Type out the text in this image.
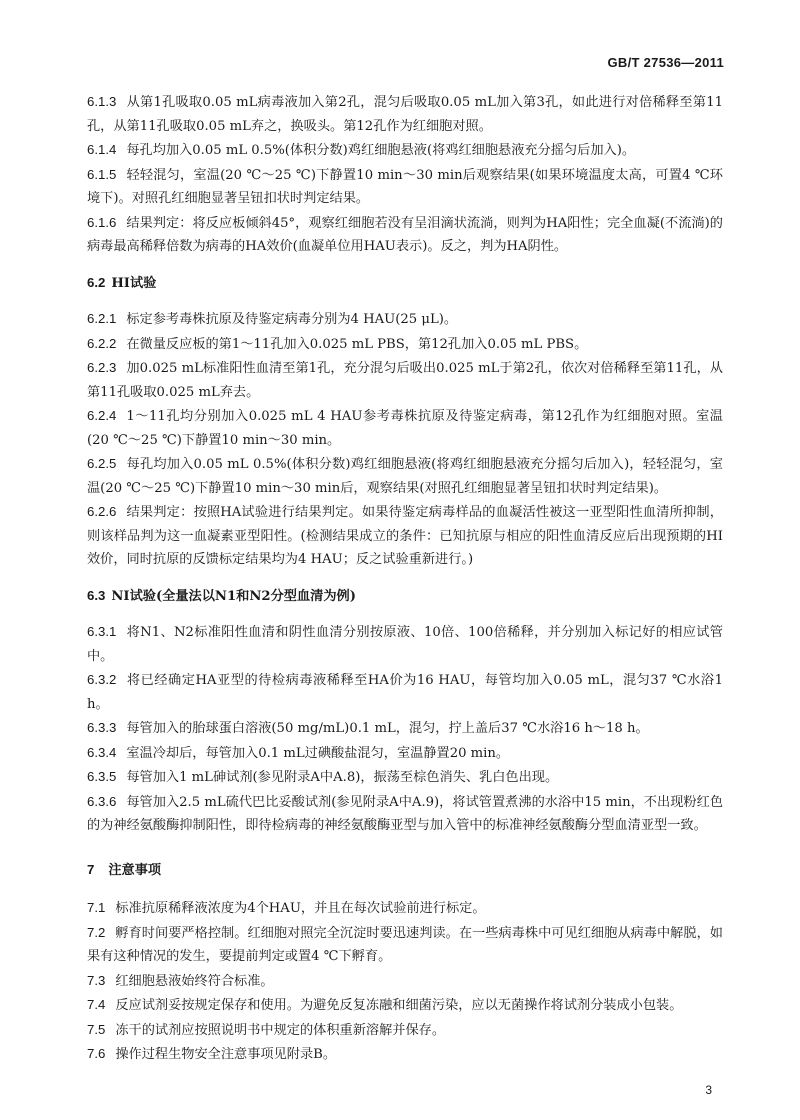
GB/T 27536—2011

6.1.3 从第1孔吸取0.05 mL病毒液加入第2孔，混匀后吸取0.05 mL加入第3孔，如此进行对倍稀释至第11孔，从第11孔吸取0.05 mL弃之，换吸头。第12孔作为红细胞对照。

6.1.4 每孔均加入0.05 mL 0.5%(体积分数)鸡红细胞悬液(将鸡红细胞悬液充分摇匀后加入)。

6.1.5 轻轻混匀，室温(20 ℃～25 ℃)下静置10 min～30 min后观察结果(如果环境温度太高，可置4 ℃环境下)。对照孔红细胞显著呈钮扣状时判定结果。

6.1.6 结果判定：将反应板倾斜45°，观察红细胞若没有呈泪滴状流淌，则判为HA阳性；完全血凝(不流淌)的病毒最高稀释倍数为病毒的HA效价(血凝单位用HAU表示)。反之，判为HA阴性。

6.2 HI试验

6.2.1 标定参考毒株抗原及待鉴定病毒分别为4 HAU(25 μL)。

6.2.2 在微量反应板的第1～11孔加入0.025 mL PBS，第12孔加入0.05 mL PBS。

6.2.3 加0.025 mL标准阳性血清至第1孔，充分混匀后吸出0.025 mL于第2孔，依次对倍稀释至第11孔，从第11孔吸取0.025 mL弃去。

6.2.4 1～11孔均分别加入0.025 mL 4 HAU参考毒株抗原及待鉴定病毒，第12孔作为红细胞对照。室温(20 ℃～25 ℃)下静置10 min～30 min。

6.2.5 每孔均加入0.05 mL 0.5%(体积分数)鸡红细胞悬液(将鸡红细胞悬液充分摇匀后加入)，轻轻混匀，室温(20 ℃～25 ℃)下静置10 min～30 min后，观察结果(对照孔红细胞显著呈钮扣状时判定结果)。

6.2.6 结果判定：按照HA试验进行结果判定。如果待鉴定病毒样品的血凝活性被这一亚型阳性血清所抑制，则该样品判为这一血凝素亚型阳性。(检测结果成立的条件：已知抗原与相应的阳性血清反应后出现预期的HI效价，同时抗原的反馈标定结果均为4 HAU；反之试验重新进行。)

6.3 NI试验(全量法以N1和N2分型血清为例)

6.3.1 将N1、N2标准阳性血清和阴性血清分别按原液、10倍、100倍稀释，并分别加入标记好的相应试管中。

6.3.2 将已经确定HA亚型的待检病毒液稀释至HA价为16 HAU，每管均加入0.05 mL，混匀37 ℃水浴1 h。

6.3.3 每管加入的胎球蛋白溶液(50 mg/mL)0.1 mL，混匀，拧上盖后37 ℃水浴16 h～18 h。

6.3.4 室温冷却后，每管加入0.1 mL过碘酸盐混匀，室温静置20 min。

6.3.5 每管加入1 mL砷试剂(参见附录A中A.8)，振荡至棕色消失、乳白色出现。

6.3.6 每管加入2.5 mL硫代巴比妥酸试剂(参见附录A中A.9)，将试管置煮沸的水浴中15 min，不出现粉红色的为神经氨酸酶抑制阳性，即待检病毒的神经氨酸酶亚型与加入管中的标准神经氨酸酶分型血清亚型一致。

7 注意事项

7.1 标准抗原稀释液浓度为4个HAU，并且在每次试验前进行标定。

7.2 孵育时间要严格控制。红细胞对照完全沉淀时要迅速判读。在一些病毒株中可见红细胞从病毒中解脱，如果有这种情况的发生，要提前判定或置4 ℃下孵育。

7.3 红细胞悬液始终符合标准。

7.4 反应试剂妥按规定保存和使用。为避免反复冻融和细菌污染，应以无菌操作将试剂分装成小包装。

7.5 冻干的试剂应按照说明书中规定的体积重新溶解并保存。

7.6 操作过程生物安全注意事项见附录B。

3
